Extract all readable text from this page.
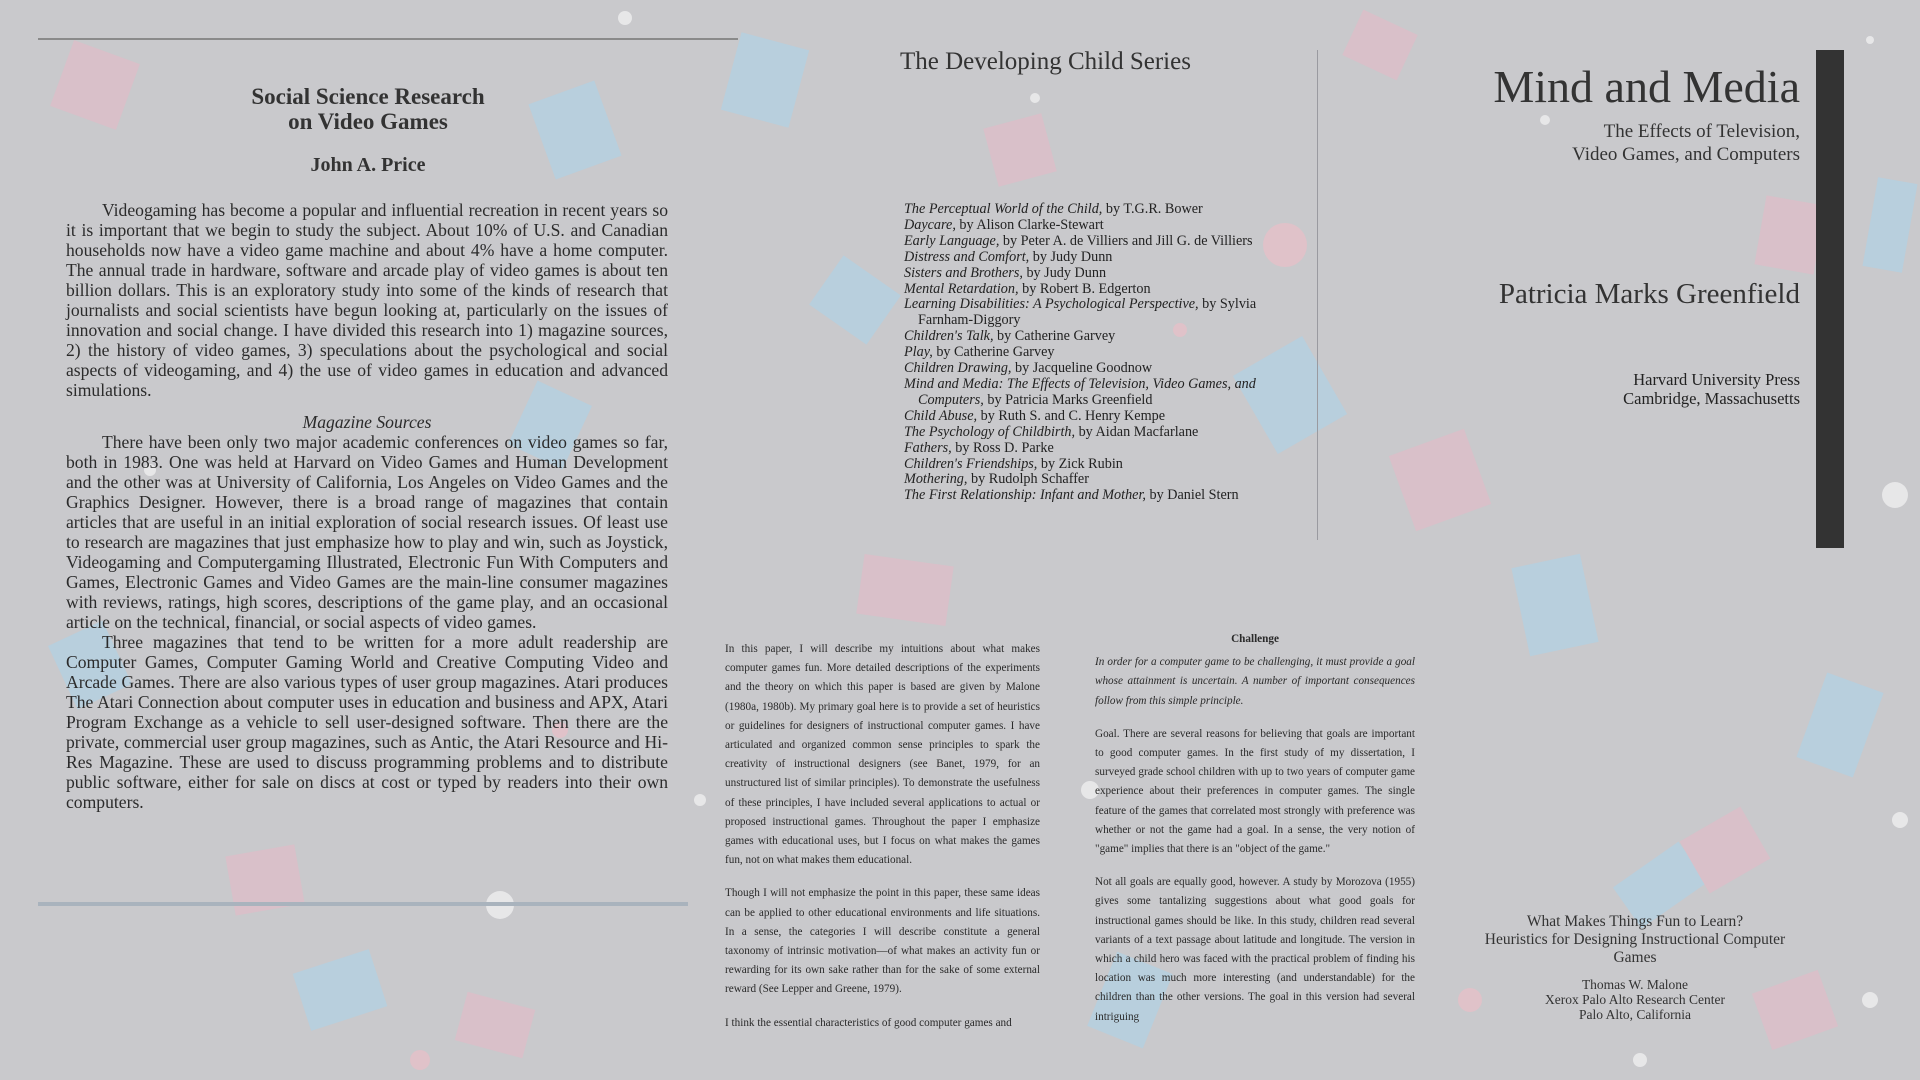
Social Science Research
on Video Games
John A. Price

Videogaming has become a popular and influential recreation in recent years so it is important that we begin to study the subject. About 10% of U.S. and Canadian households now have a video game machine and about 4% have a home computer. The annual trade in hardware, software and arcade play of video games is about ten billion dollars. This is an exploratory study into some of the kinds of research that journalists and social scientists have begun looking at, particularly on the issues of innovation and social change. I have divided this research into 1) magazine sources, 2) the history of video games, 3) speculations about the psychological and social aspects of videogaming, and 4) the use of video games in education and advanced simulations.

Magazine Sources

There have been only two major academic conferences on video games so far, both in 1983. One was held at Harvard on Video Games and Human Development and the other was at University of California, Los Angeles on Video Games and the Graphics Designer. However, there is a broad range of magazines that contain articles that are useful in an initial exploration of social research issues. Of least use to research are magazines that just emphasize how to play and win, such as Joystick, Videogaming and Computergaming Illustrated, Electronic Fun With Computers and Games, Electronic Games and Video Games are the main-line consumer magazines with reviews, ratings, high scores, descriptions of the game play, and an occasional article on the technical, financial, or social aspects of video games.

Three magazines that tend to be written for a more adult readership are Computer Games, Computer Gaming World and Creative Computing Video and Arcade Games. There are also various types of user group magazines. Atari produces The Atari Connection about computer uses in education and business and APX, Atari Program Exchange as a vehicle to sell user-designed software. Then there are the private, commercial user group magazines, such as Antic, the Atari Resource and Hi-Res Magazine. These are used to discuss programming problems and to distribute public software, either for sale on discs at cost or typed by readers into their own computers.

The Developing Child Series
The Perceptual World of the Child, by T.G.R. Bower
Daycare, by Alison Clarke-Stewart
Early Language, by Peter A. de Villiers and Jill G. de Villiers
Distress and Comfort, by Judy Dunn
Sisters and Brothers, by Judy Dunn
Mental Retardation, by Robert B. Edgerton
Learning Disabilities: A Psychological Perspective, by Sylvia Farnham-Diggory
Children's Talk, by Catherine Garvey
Play, by Catherine Garvey
Children Drawing, by Jacqueline Goodnow
Mind and Media: The Effects of Television, Video Games, and Computers, by Patricia Marks Greenfield
Child Abuse, by Ruth S. and C. Henry Kempe
The Psychology of Childbirth, by Aidan Macfarlane
Fathers, by Ross D. Parke
Children's Friendships, by Zick Rubin
Mothering, by Rudolph Schaffer
The First Relationship: Infant and Mother, by Daniel Stern
Mind and Media
The Effects of Television,
Video Games, and Computers
Patricia Marks Greenfield
Harvard University Press
Cambridge, Massachusetts

In this paper, I will describe my intuitions about what makes computer games fun. More detailed descriptions of the experiments and the theory on which this paper is based are given by Malone (1980a, 1980b). My primary goal here is to provide a set of heuristics or guidelines for designers of instructional computer games. I have articulated and organized common sense principles to spark the creativity of instructional designers (see Banet, 1979, for an unstructured list of similar principles). To demonstrate the usefulness of these principles, I have included several applications to actual or proposed instructional games. Throughout the paper I emphasize games with educational uses, but I focus on what makes the games fun, not on what makes them educational.

Though I will not emphasize the point in this paper, these same ideas can be applied to other educational environments and life situations. In a sense, the categories I will describe constitute a general taxonomy of intrinsic motivation—of what makes an activity fun or rewarding for its own sake rather than for the sake of some external reward (See Lepper and Greene, 1979).

I think the essential characteristics of good computer games and

Challenge

In order for a computer game to be challenging, it must provide a goal whose attainment is uncertain. A number of important consequences follow from this simple principle.

Goal. There are several reasons for believing that goals are important to good computer games. In the first study of my dissertation, I surveyed grade school children with up to two years of computer game experience about their preferences in computer games. The single feature of the games that correlated most strongly with preference was whether or not the game had a goal. In a sense, the very notion of "game" implies that there is an "object of the game."

Not all goals are equally good, however. A study by Morozova (1955) gives some tantalizing suggestions about what good goals for instructional games should be like. In this study, children read several variants of a text passage about latitude and longitude. The version in which a child hero was faced with the practical problem of finding his location was much more interesting (and understandable) for the children than the other versions. The goal in this version had several intriguing

What Makes Things Fun to Learn?
Heuristics for Designing Instructional Computer Games
Thomas W. Malone
Xerox Palo Alto Research Center
Palo Alto, California
